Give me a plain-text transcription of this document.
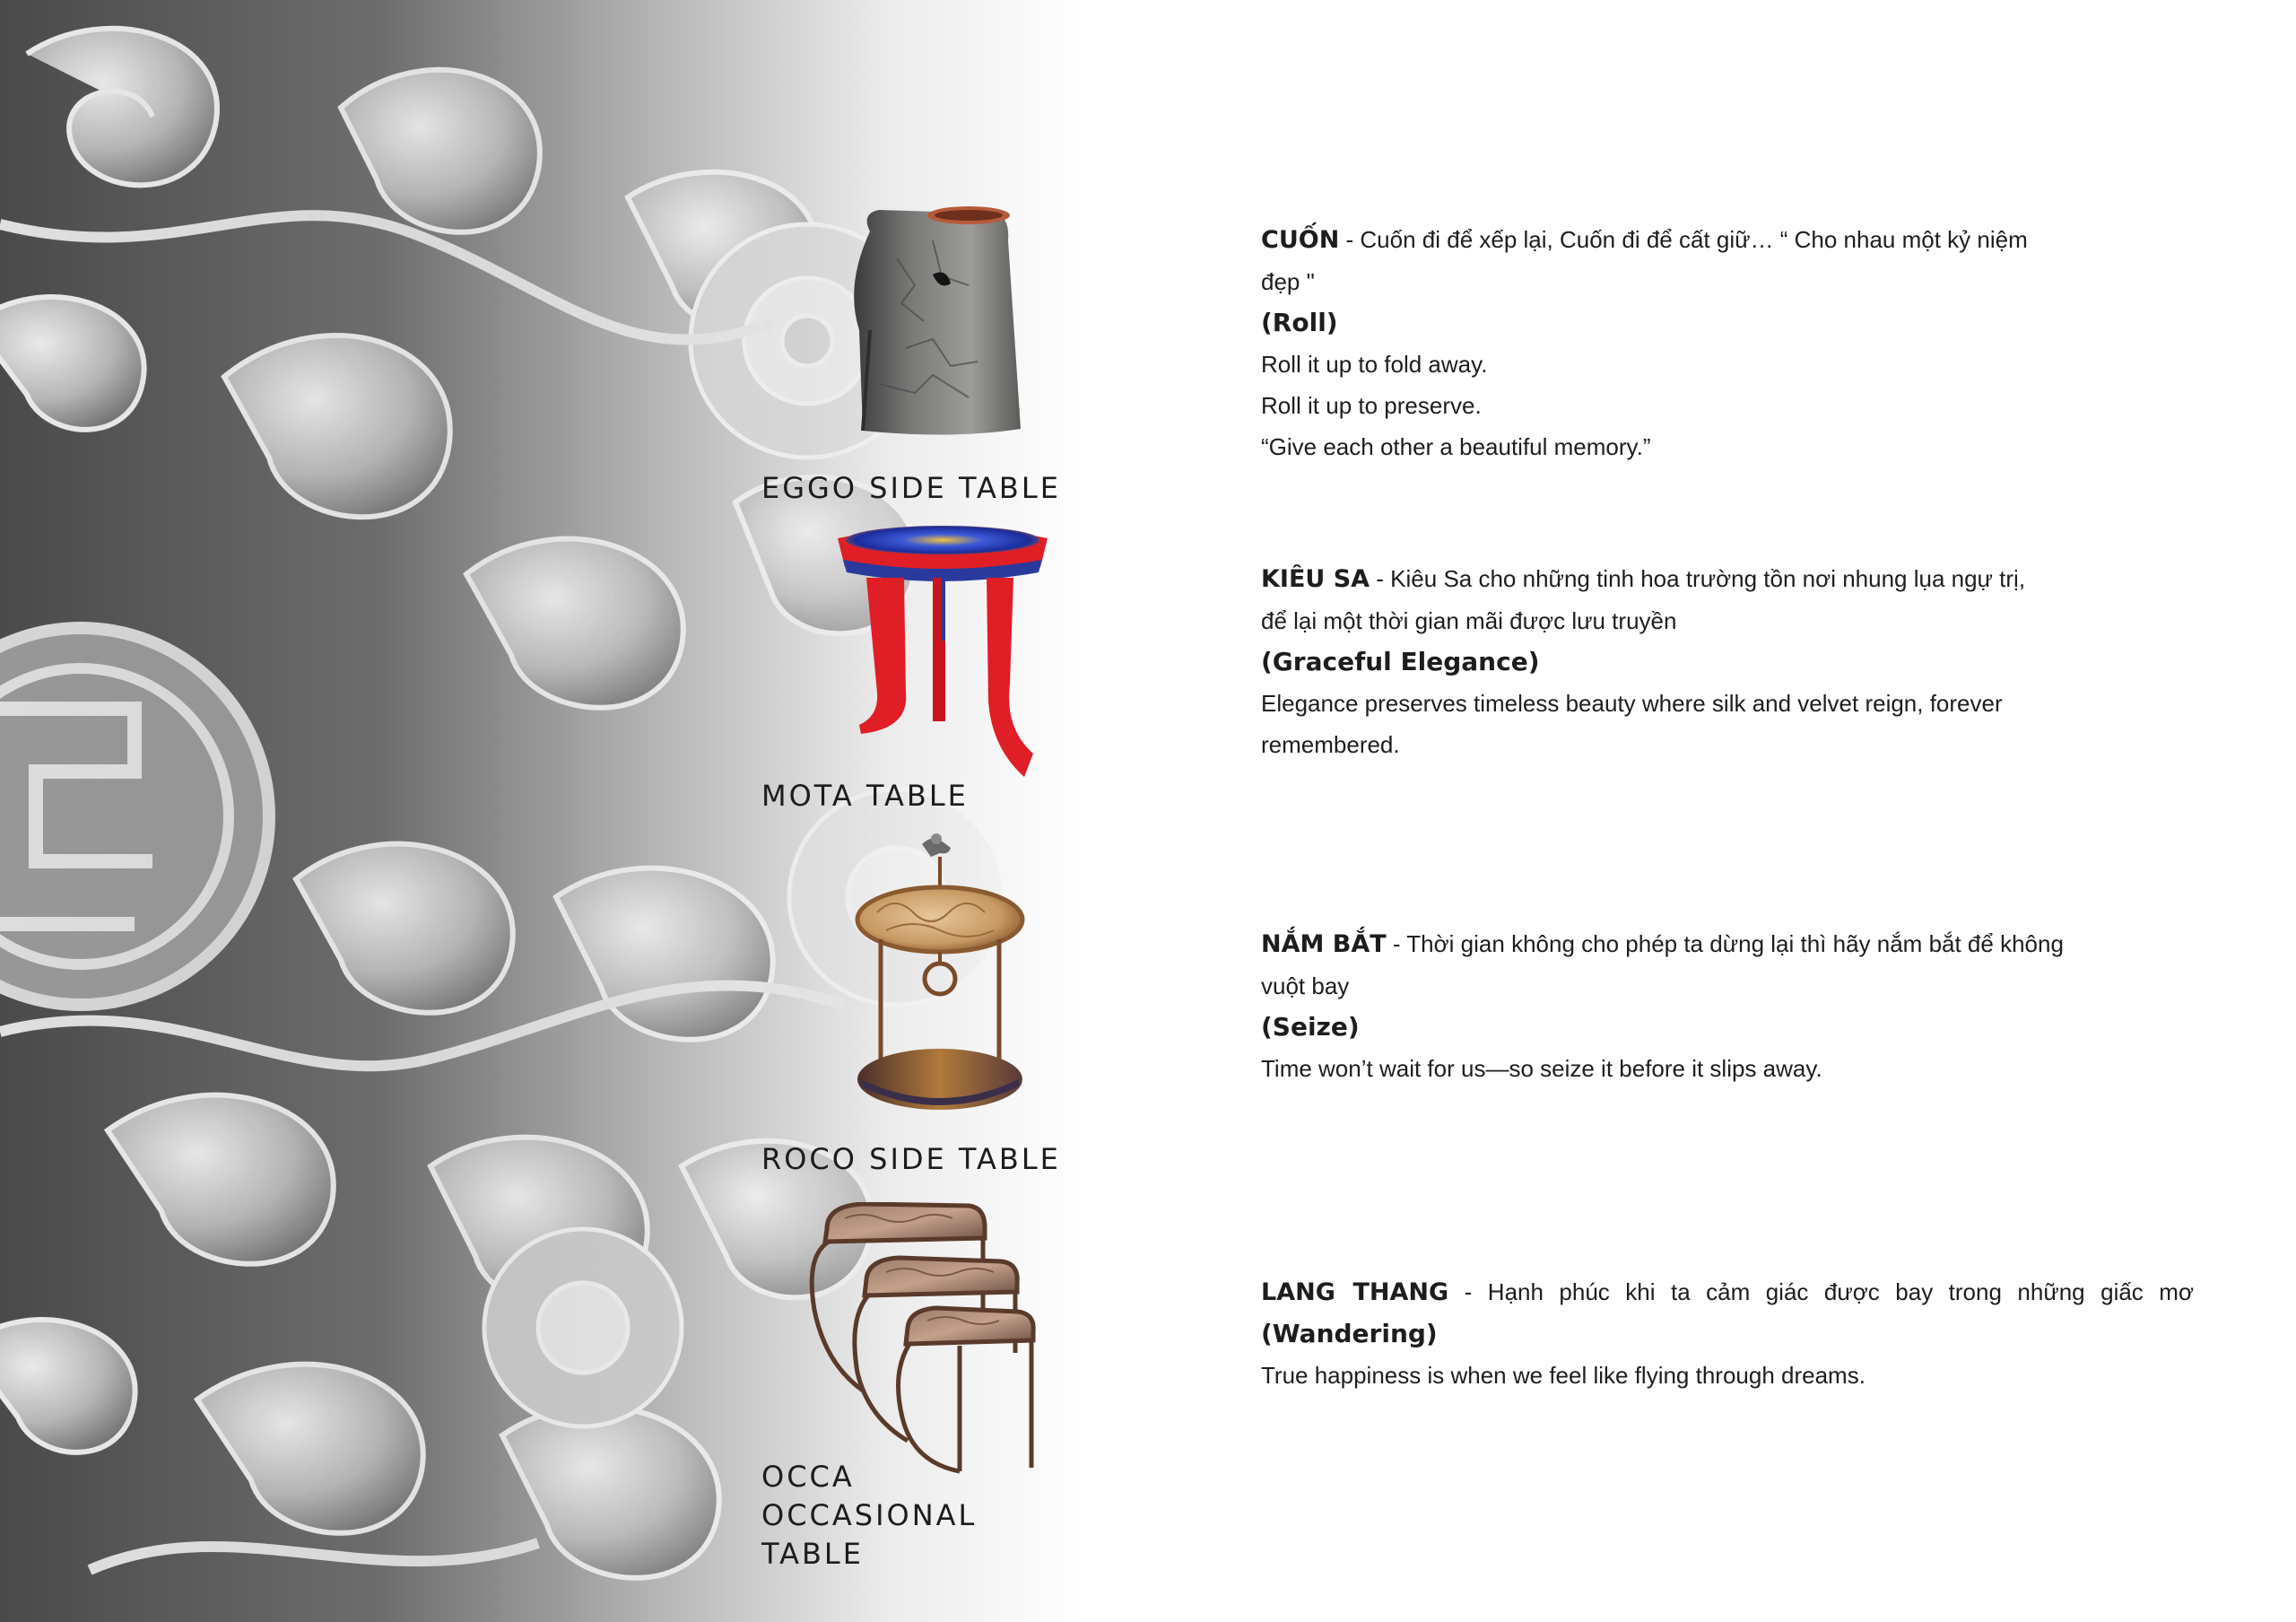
EGGO SIDE TABLE
MOTA TABLE
ROCO SIDE TABLE
OCCA
OCCASIONAL
TABLE
CUỐN - Cuốn đi để xếp lại, Cuốn đi để cất giữ… “ Cho nhau một kỷ niệm
đẹp "
(Roll)
Roll it up to fold away.
Roll it up to preserve.
“Give each other a beautiful memory.”
KIÊU SA - Kiêu Sa cho những tinh hoa trường tồn nơi nhung lụa ngự trị,
để lại một thời gian mãi được lưu truyền
(Graceful Elegance)
Elegance preserves timeless beauty where silk and velvet reign, forever
remembered.
NẮM BẮT - Thời gian không cho phép ta dừng lại thì hãy nắm bắt để không
vuột bay
(Seize)
Time won’t wait for us—so seize it before it slips away.
LANG THANG - Hạnh phúc khi ta cảm giác được bay trong những giấc mơ
(Wandering)
True happiness is when we feel like flying through dreams.
